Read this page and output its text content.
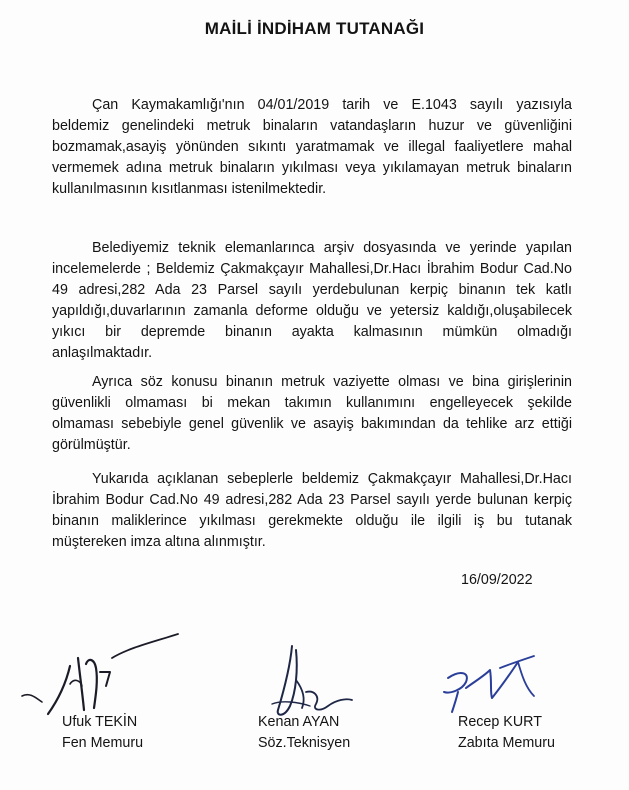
MAİLİ İNDİHAM TUTANAĞI
Çan Kaymakamlığı'nın 04/01/2019 tarih ve E.1043 sayılı yazısıyla
beldemiz genelindeki metruk binaların vatandaşların huzur ve güvenliğini
bozmamak,asayiş yönünden sıkıntı yaratmamak ve illegal faaliyetlere mahal
vermemek adına metruk binaların yıkılması veya yıkılamayan metruk binaların
kullanılmasının kısıtlanması istenilmektedir.
Belediyemiz teknik elemanlarınca arşiv dosyasında ve yerinde yapılan
incelemelerde ; Beldemiz Çakmakçayır Mahallesi,Dr.Hacı İbrahim Bodur Cad.No
49 adresi,282 Ada 23 Parsel sayılı yerdebulunan kerpiç binanın tek katlı
yapıldığı,duvarlarının zamanla deforme olduğu ve yetersiz kaldığı,oluşabilecek
yıkıcı bir depremde binanın ayakta kalmasının mümkün olmadığı
anlaşılmaktadır.
Ayrıca söz konusu binanın metruk vaziyette olması ve bina girişlerinin
güvenlikli olmaması bi mekan takımın kullanımını engelleyecek şekilde
olmaması sebebiyle genel güvenlik ve asayiş bakımından da tehlike arz ettiği
görülmüştür.
Yukarıda açıklanan sebeplerle beldemiz Çakmakçayır Mahallesi,Dr.Hacı
İbrahim Bodur Cad.No 49 adresi,282 Ada 23 Parsel sayılı yerde bulunan kerpiç
binanın maliklerince yıkılması gerekmekte olduğu ile ilgili iş bu tutanak
müştereken imza altına alınmıştır.
16/09/2022
Ufuk TEKİN
Fen Memuru
Kenan AYAN
Söz.Teknisyen
Recep KURT
Zabıta Memuru
